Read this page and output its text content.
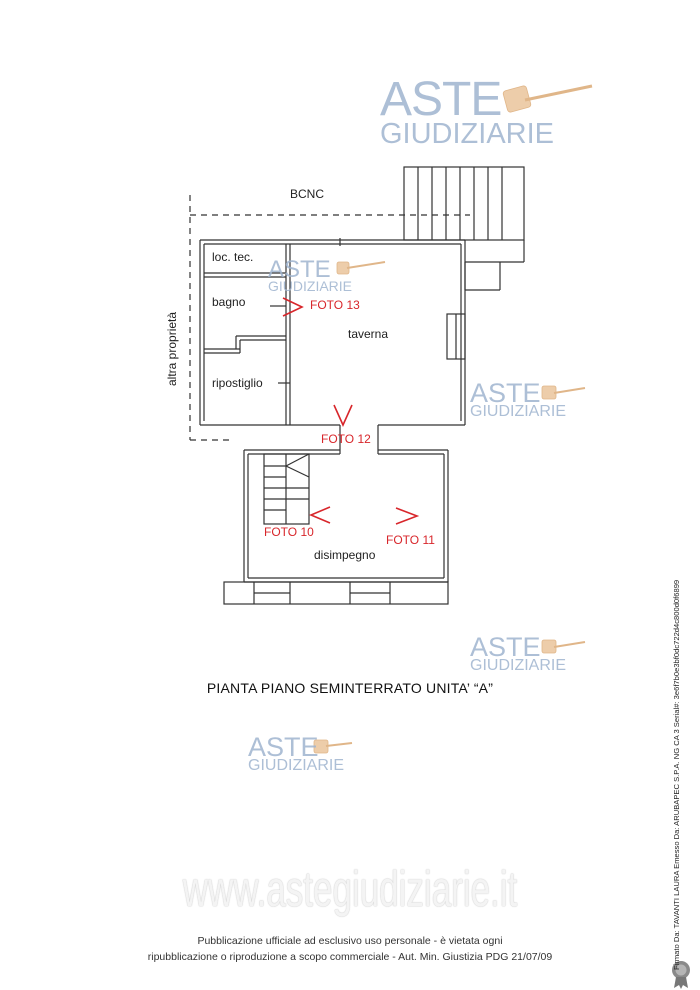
ASTE
GIUDIZIARIE
ASTE
GIUDIZIARIE
ASTE
GIUDIZIARIE
ASTE
GIUDIZIARIE
ASTE
GIUDIZIARIE
BCNC
loc. tec.
bagno
ripostiglio
taverna
disimpegno
altra proprietà
FOTO 13
FOTO 12
FOTO 10
FOTO 11
PIANTA PIANO SEMINTERRATO UNITA’ “A”
www.astegiudiziarie.it
Pubblicazione ufficiale ad esclusivo uso personale - è vietata ogni
ripubblicazione o riproduzione a scopo commerciale - Aut. Min. Giustizia PDG 21/07/09	Firmato Da: TAVANTI LAURA Emesso Da: ARUBAPEC S.P.A. NG CA 3 Serial#: 3e6f7b0e3bf0dc722d4c800d0f6899
